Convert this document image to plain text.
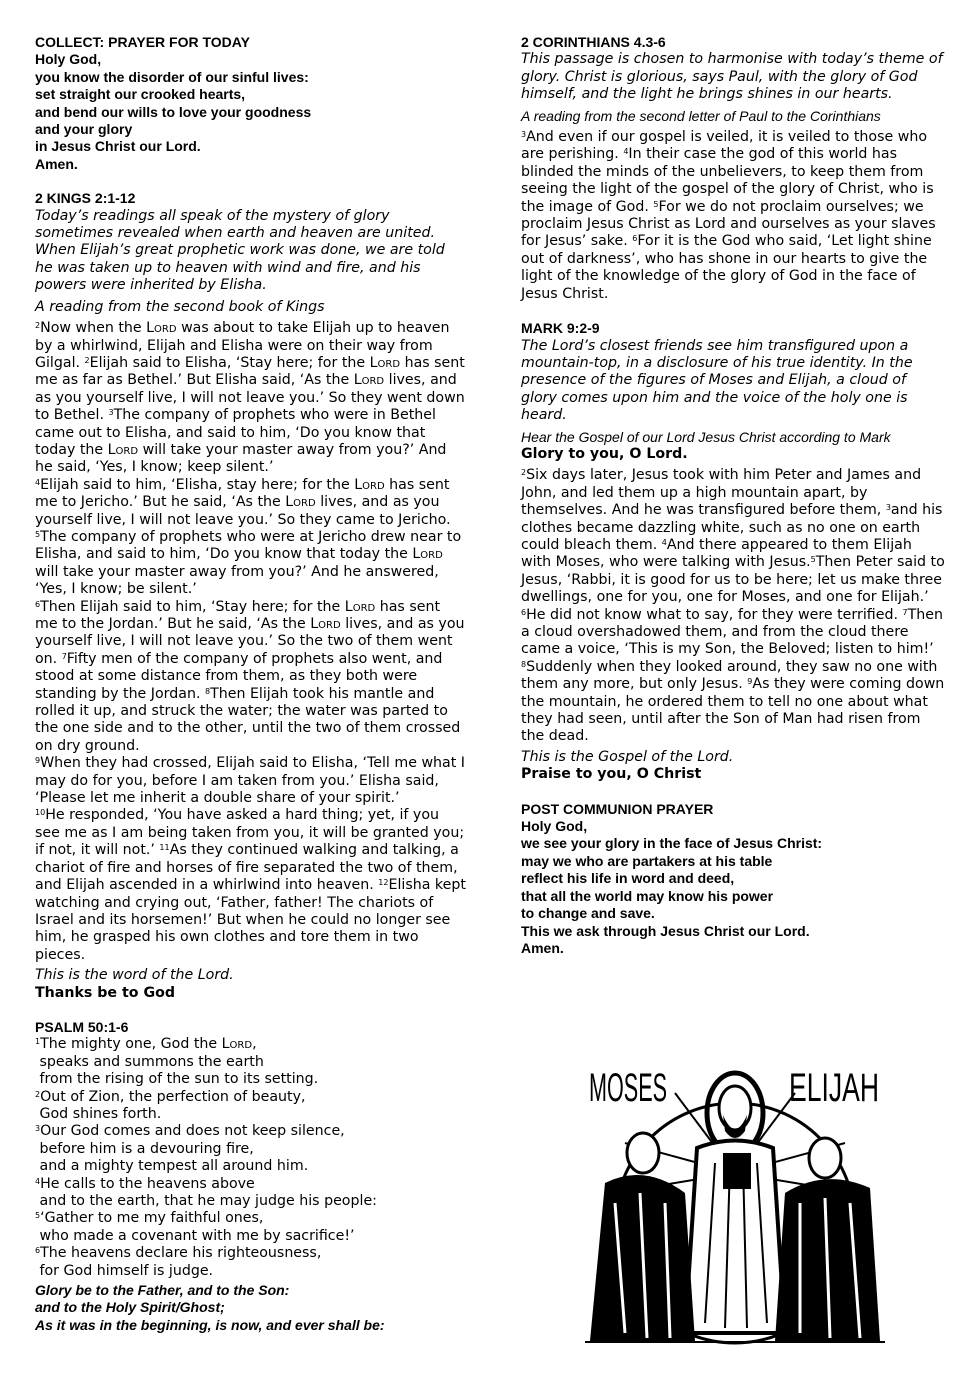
COLLECT: PRAYER FOR TODAY
Holy God,
you know the disorder of our sinful lives:
set straight our crooked hearts,
and bend our wills to love your goodness
and your glory
in Jesus Christ our Lord.
Amen.
2 KINGS 2:1-12
Today’s readings all speak of the mystery of glory sometimes revealed when earth and heaven are united. When Elijah’s great prophetic work was done, we are told he was taken up to heaven with wind and fire, and his powers were inherited by Elisha.
A reading from the second book of Kings

$^2$Now when the Lord was about to take Elijah up to heaven by a whirlwind, Elijah and Elisha were on their way from Gilgal. $^2$Elijah said to Elisha, ‘Stay here; for the Lord has sent me as far as Bethel.’ But Elisha said, ‘As the Lord lives, and as you yourself live, I will not leave you.’ So they went down to Bethel. $^3$The company of prophets who were in Bethel came out to Elisha, and said to him, ‘Do you know that today the Lord will take your master away from you?’ And he said, ‘Yes, I know; keep silent.’

$^4$Elijah said to him, ‘Elisha, stay here; for the Lord has sent me to Jericho.’ But he said, ‘As the Lord lives, and as you yourself live, I will not leave you.’ So they came to Jericho. $^5$The company of prophets who were at Jericho drew near to Elisha, and said to him, ‘Do you know that today the Lord will take your master away from you?’ And he answered, ‘Yes, I know; be silent.’

$^6$Then Elijah said to him, ‘Stay here; for the Lord has sent me to the Jordan.’ But he said, ‘As the Lord lives, and as you yourself live, I will not leave you.’ So the two of them went on. $^7$Fifty men of the company of prophets also went, and stood at some distance from them, as they both were standing by the Jordan. $^8$Then Elijah took his mantle and rolled it up, and struck the water; the water was parted to the one side and to the other, until the two of them crossed on dry ground.

$^9$When they had crossed, Elijah said to Elisha, ‘Tell me what I may do for you, before I am taken from you.’ Elisha said, ‘Please let me inherit a double share of your spirit.’

$^{10}$He responded, ‘You have asked a hard thing; yet, if you see me as I am being taken from you, it will be granted you; if not, it will not.’ $^{11}$As they continued walking and talking, a chariot of fire and horses of fire separated the two of them, and Elijah ascended in a whirlwind into heaven. $^{12}$Elisha kept watching and crying out, ‘Father, father! The chariots of Israel and its horsemen!’ But when he could no longer see him, he grasped his own clothes and tore them in two pieces.

This is the word of the Lord.
Thanks be to God
PSALM 50:1-6
$^1$The mighty one, God the Lord,
speaks and summons the earth
from the rising of the sun to its setting.
$^2$Out of Zion, the perfection of beauty,
God shines forth.
$^3$Our God comes and does not keep silence,
before him is a devouring fire,
and a mighty tempest all around him.
$^4$He calls to the heavens above
and to the earth, that he may judge his people:
$^5$‘Gather to me my faithful ones,
who made a covenant with me by sacrifice!’
$^6$The heavens declare his righteousness,
for God himself is judge.
Glory be to the Father, and to the Son:
and to the Holy Spirit/Ghost;
As it was in the beginning, is now, and ever shall be:
2 CORINTHIANS 4.3-6
This passage is chosen to harmonise with today’s theme of glory. Christ is glorious, says Paul, with the glory of God himself, and the light he brings shines in our hearts.
A reading from the second letter of Paul to the Corinthians

$^3$And even if our gospel is veiled, it is veiled to those who are perishing. $^4$In their case the god of this world has blinded the minds of the unbelievers, to keep them from seeing the light of the gospel of the glory of Christ, who is the image of God. $^5$For we do not proclaim ourselves; we proclaim Jesus Christ as Lord and ourselves as your slaves for Jesus’ sake. $^6$For it is the God who said, ‘Let light shine out of darkness’, who has shone in our hearts to give the light of the knowledge of the glory of God in the face of Jesus Christ.

MARK 9:2-9
The Lord’s closest friends see him transfigured upon a mountain-top, in a disclosure of his true identity. In the presence of the figures of Moses and Elijah, a cloud of glory comes upon him and the voice of the holy one is heard.
Hear the Gospel of our Lord Jesus Christ according to Mark
Glory to you, O Lord.

$^2$Six days later, Jesus took with him Peter and James and John, and led them up a high mountain apart, by themselves. And he was transfigured before them, $^3$and his clothes became dazzling white, such as no one on earth could bleach them. $^4$And there appeared to them Elijah with Moses, who were talking with Jesus.$^5$Then Peter said to Jesus, ‘Rabbi, it is good for us to be here; let us make three dwellings, one for you, one for Moses, and one for Elijah.’

$^6$He did not know what to say, for they were terrified. $^7$Then a cloud overshadowed them, and from the cloud there came a voice, ‘This is my Son, the Beloved; listen to him!’ $^8$Suddenly when they looked around, they saw no one with them any more, but only Jesus. $^9$As they were coming down the mountain, he ordered them to tell no one about what they had seen, until after the Son of Man had risen from the dead.

This is the Gospel of the Lord.
Praise to you, O Christ
POST COMMUNION PRAYER
Holy God,
we see your glory in the face of Jesus Christ:
may we who are partakers at his table
reflect his life in word and deed,
that all the world may know his power
to change and save.
This we ask through Jesus Christ our Lord.
Amen.
MOSES	ELIJAH
